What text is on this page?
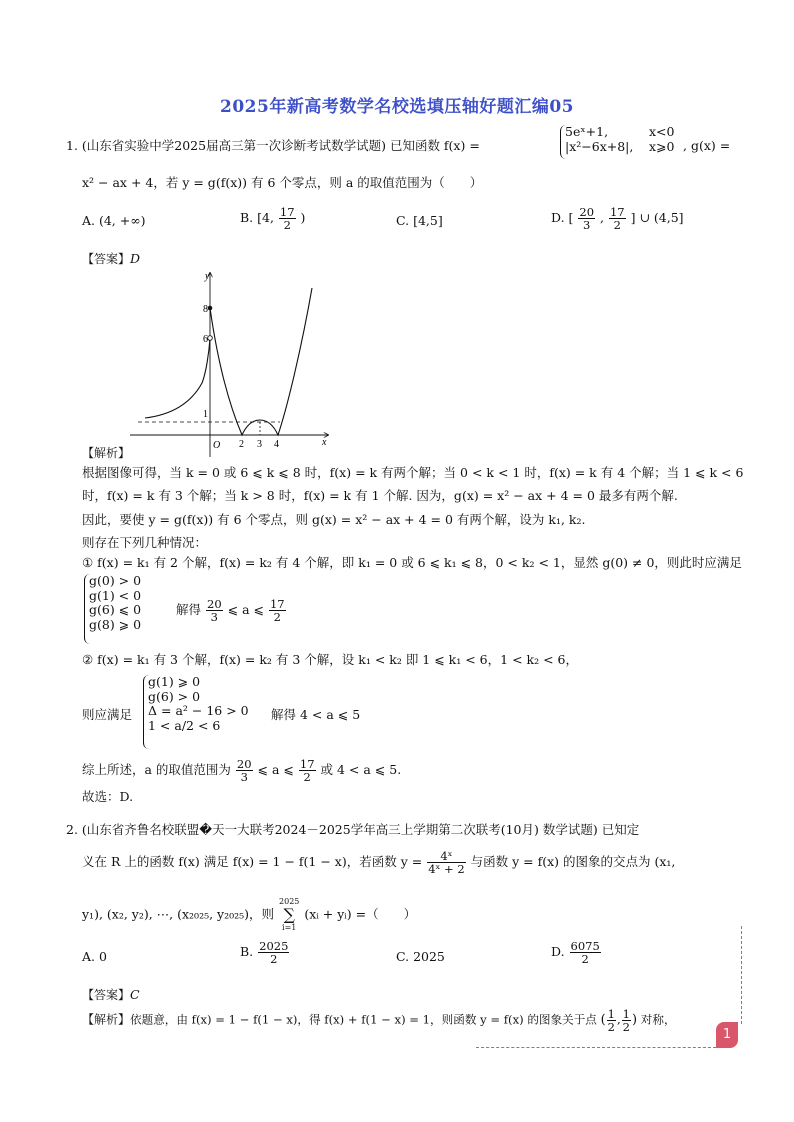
2025年新高考数学名校选填压轴好题汇编05
1. (山东省实验中学2025届高三第一次诊断考试数学试题) 已知函数 f(x) =
5eˣ+1,	x<0
|x²−6x+8|, x⩾0 , g(x) =
x² − ax + 4，若 y = g(f(x)) 有 6 个零点，则 a 的取值范围为（　　）
A. (4, +∞)	B. [4, $\frac{17}{2}$ )	C. [4,5]	D. [ $\frac{20}{3}$ , $\frac{17}{2}$ ] ∪ (4,5]
【答案】D
y
x
O
8
6
1
2 3 4
【解析】
根据图像可得，当 k = 0 或 6 ⩽ k ⩽ 8 时，f(x) = k 有两个解；当 0 < k < 1 时，f(x) = k 有 4 个解；当 1 ⩽ k < 6
时，f(x) = k 有 3 个解；当 k > 8 时，f(x) = k 有 1 个解. 因为，g(x) = x² − ax + 4 = 0 最多有两个解.
因此，要使 y = g(f(x)) 有 6 个零点，则 g(x) = x² − ax + 4 = 0 有两个解，设为 k₁, k₂.
则存在下列几种情况：
① f(x) = k₁ 有 2 个解，f(x) = k₂ 有 4 个解，即 k₁ = 0 或 6 ⩽ k₁ ⩽ 8，0 < k₂ < 1，显然 g(0) ≠ 0，则此时应满足
g(0) > 0
g(1) < 0
g(6) ⩽ 0
g(8) ⩾ 0
解得 $\frac{20}{3}$ ⩽ a ⩽ $\frac{17}{2}$
② f(x) = k₁ 有 3 个解，f(x) = k₂ 有 3 个解，设 k₁ < k₂ 即 1 ⩽ k₁ < 6，1 < k₂ < 6，
则应满足
g(1) ⩾ 0
g(6) > 0
Δ = a² − 16 > 0
1 < a/2 < 6
解得 4 < a ⩽ 5
综上所述，a 的取值范围为 $\frac{20}{3}$ ⩽ a ⩽ $\frac{17}{2}$ 或 4 < a ⩽ 5.
故选：D.
2. (山东省齐鲁名校联盟�天一大联考2024－2025学年高三上学期第二次联考(10月) 数学试题) 已知定
义在 R 上的函数 f(x) 满足 f(x) = 1 − f(1 − x)，若函数 $y = \frac{\text{4ˣ}}{\text{4ˣ + 2}}$ 与函数 y = f(x) 的图象的交点为 (x₁,
y₁), (x₂, y₂), ⋯, (x₂₀₂₅, y₂₀₂₅)，则
2025
∑
i=1
(xᵢ + yᵢ) =（　　）
A. 0	B. $\frac{2025}{2}$	C. 2025	D. $\frac{6075}{2}$
【答案】C
【解析】依题意，由 f(x) = 1 − f(1 − x)，得 f(x) + f(1 − x) = 1，则函数 y = f(x) 的图象关于点 ( $\frac{1}{2}$ , $\frac{1}{2}$ ) 对称，
1
